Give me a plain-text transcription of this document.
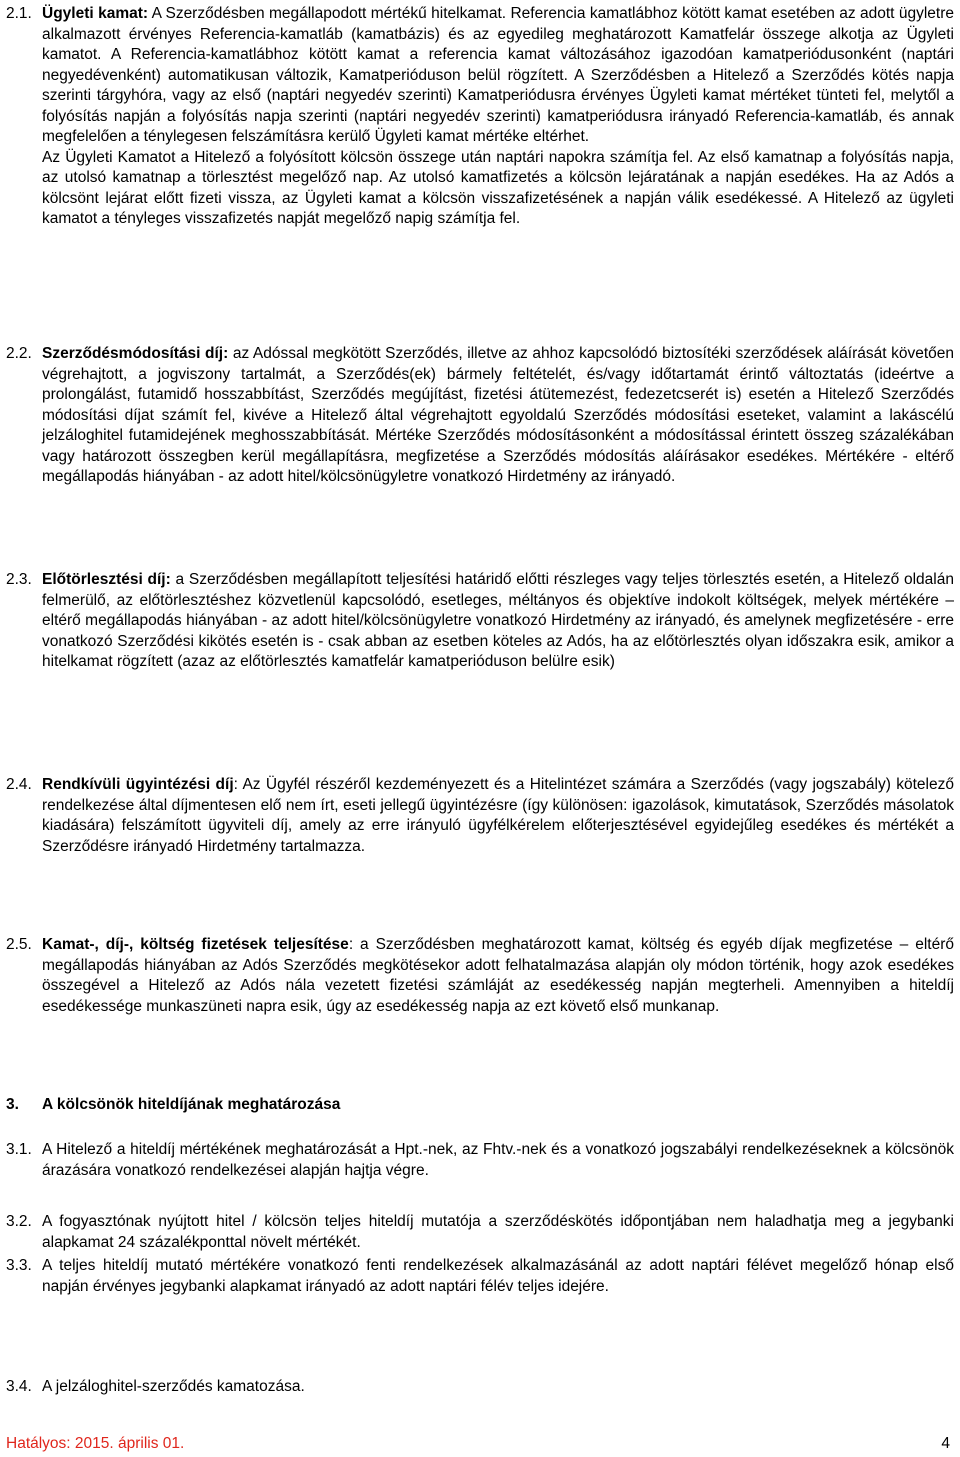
2.1. Ügyleti kamat: A Szerződésben megállapodott mértékű hitelkamat. Referencia kamatlábhoz kötött kamat esetében az adott ügyletre alkalmazott érvényes Referencia-kamatláb (kamatbázis) és az egyedileg meghatározott Kamatfelár összege alkotja az Ügyleti kamatot. A Referencia-kamatlábhoz kötött kamat a referencia kamat változásához igazodóan kamatperiódusonként (naptári negyedévenként) automatikusan változik, Kamatperióduson belül rögzített. A Szerződésben a Hitelező a Szerződés kötés napja szerinti tárgyhóra, vagy az első (naptári negyedév szerinti) Kamatperiódusra érvényes Ügyleti kamat mértéket tünteti fel, melytől a folyósítás napján a folyósítás napja szerinti (naptári negyedév szerinti) kamatperiódusra irányadó Referencia-kamatláb, és annak megfelelően a ténylegesen felszámításra kerülő Ügyleti kamat mértéke eltérhet.

Az Ügyleti Kamatot a Hitelező a folyósított kölcsön összege után naptári napokra számítja fel. Az első kamatnap a folyósítás napja, az utolsó kamatnap a törlesztést megelőző nap. Az utolsó kamatfizetés a kölcsön lejáratának a napján esedékes. Ha az Adós a kölcsönt lejárat előtt fizeti vissza, az Ügyleti kamat a kölcsön visszafizetésének a napján válik esedékessé. A Hitelező az ügyleti kamatot a tényleges visszafizetés napját megelőző napig számítja fel.

2.2. Szerződésmódosítási díj: az Adóssal megkötött Szerződés, illetve az ahhoz kapcsolódó biztosítéki szerződések aláírását követően végrehajtott, a jogviszony tartalmát, a Szerződés(ek) bármely feltételét, és/vagy időtartamát érintő változtatás (ideértve a prolongálást, futamidő hosszabbítást, Szerződés megújítást, fizetési átütemezést, fedezetcserét is) esetén a Hitelező Szerződés módosítási díjat számít fel, kivéve a Hitelező által végrehajtott egyoldalú Szerződés módosítási eseteket, valamint a lakáscélú jelzáloghitel futamidejének meghosszabbítását. Mértéke Szerződés módosításonként a módosítással érintett összeg százalékában vagy határozott összegben kerül megállapításra, megfizetése a Szerződés módosítás aláírásakor esedékes. Mértékére - eltérő megállapodás hiányában - az adott hitel/kölcsönügyletre vonatkozó Hirdetmény az irányadó.

2.3. Előtörlesztési díj: a Szerződésben megállapított teljesítési határidő előtti részleges vagy teljes törlesztés esetén, a Hitelező oldalán felmerülő, az előtörlesztéshez közvetlenül kapcsolódó, esetleges, méltányos és objektíve indokolt költségek, melyek mértékére – eltérő megállapodás hiányában - az adott hitel/kölcsönügyletre vonatkozó Hirdetmény az irányadó, és amelynek megfizetésére - erre vonatkozó Szerződési kikötés esetén is - csak abban az esetben köteles az Adós, ha az előtörlesztés olyan időszakra esik, amikor a hitelkamat rögzített (azaz az előtörlesztés kamatfelár kamatperióduson belülre esik)

2.4. Rendkívüli ügyintézési díj: Az Ügyfél részéről kezdeményezett és a Hitelintézet számára a Szerződés (vagy jogszabály) kötelező rendelkezése által díjmentesen elő nem írt, eseti jellegű ügyintézésre (így különösen: igazolások, kimutatások, Szerződés másolatok kiadására) felszámított ügyviteli díj, amely az erre irányuló ügyfélkérelem előterjesztésével egyidejűleg esedékes és mértékét a Szerződésre irányadó Hirdetmény tartalmazza.

2.5. Kamat-, díj-, költség fizetések teljesítése: a Szerződésben meghatározott kamat, költség és egyéb díjak megfizetése – eltérő megállapodás hiányában az Adós Szerződés megkötésekor adott felhatalmazása alapján oly módon történik, hogy azok esedékes összegével a Hitelező az Adós nála vezetett fizetési számláját az esedékesség napján megterheli. Amennyiben a hiteldíj esedékessége munkaszüneti napra esik, úgy az esedékesség napja az ezt követő első munkanap.

3. A kölcsönök hiteldíjának meghatározása

3.1. A Hitelező a hiteldíj mértékének meghatározását a Hpt.-nek, az Fhtv.-nek és a vonatkozó jogszabályi rendelkezéseknek a kölcsönök árazására vonatkozó rendelkezései alapján hajtja végre.

3.2. A fogyasztónak nyújtott hitel / kölcsön teljes hiteldíj mutatója a szerződéskötés időpontjában nem haladhatja meg a jegybanki alapkamat 24 százalékponttal növelt mértékét.

3.3. A teljes hiteldíj mutató mértékére vonatkozó fenti rendelkezések alkalmazásánál az adott naptári félévet megelőző hónap első napján érvényes jegybanki alapkamat irányadó az adott naptári félév teljes idejére.

3.4. A jelzáloghitel-szerződés kamatozása.

Hatályos: 2015. április 01.	4
